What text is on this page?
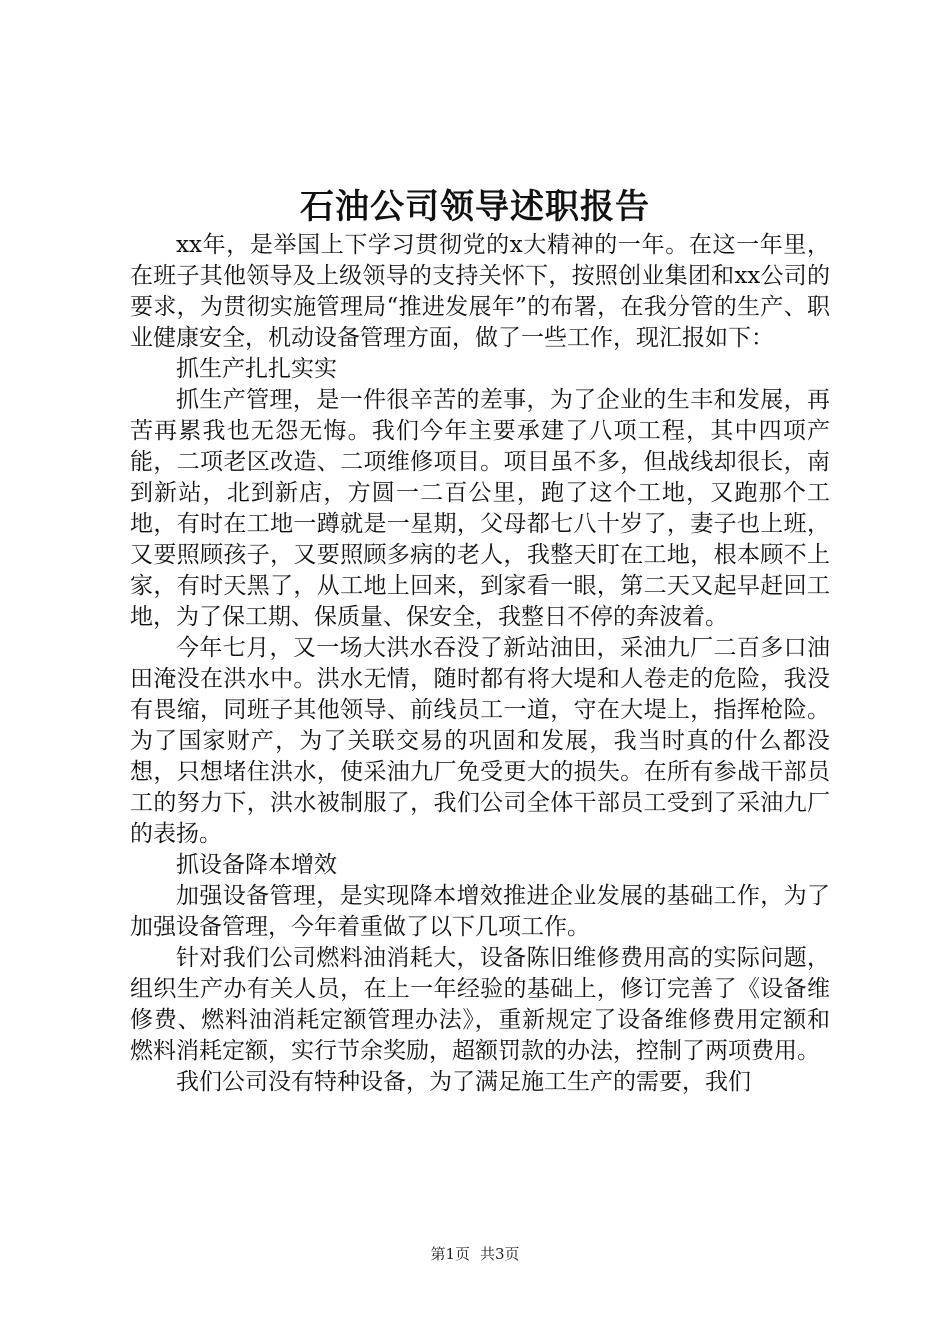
石油公司领导述职报告

xx年，是举国上下学习贯彻党的x大精神的一年。在这一年里，在班子其他领导及上级领导的支持关怀下，按照创业集团和xx公司的要求，为贯彻实施管理局“推进发展年”的布署，在我分管的生产、职业健康安全，机动设备管理方面，做了一些工作，现汇报如下：

抓生产扎扎实实

抓生产管理，是一件很辛苦的差事，为了企业的生丰和发展，再苦再累我也无怨无悔。我们今年主要承建了八项工程，其中四项产能，二项老区改造、二项维修项目。项目虽不多，但战线却很长，南到新站，北到新店，方圆一二百公里，跑了这个工地，又跑那个工地，有时在工地一蹲就是一星期，父母都七八十岁了，妻子也上班，又要照顾孩子，又要照顾多病的老人，我整天盯在工地，根本顾不上家，有时天黑了，从工地上回来，到家看一眼，第二天又起早赶回工地，为了保工期、保质量、保安全，我整日不停的奔波着。

今年七月，又一场大洪水吞没了新站油田，采油九厂二百多口油田淹没在洪水中。洪水无情，随时都有将大堤和人卷走的危险，我没有畏缩，同班子其他领导、前线员工一道，守在大堤上，指挥枪险。为了国家财产，为了关联交易的巩固和发展，我当时真的什么都没想，只想堵住洪水，使采油九厂免受更大的损失。在所有参战干部员工的努力下，洪水被制服了，我们公司全体干部员工受到了采油九厂的表扬。

抓设备降本增效

加强设备管理，是实现降本增效推进企业发展的基础工作，为了加强设备管理，今年着重做了以下几项工作。

针对我们公司燃料油消耗大，设备陈旧维修费用高的实际问题，组织生产办有关人员，在上一年经验的基础上，修订完善了《设备维修费、燃料油消耗定额管理办法》，重新规定了设备维修费用定额和燃料消耗定额，实行节余奖励，超额罚款的办法，控制了两项费用。

我们公司没有特种设备，为了满足施工生产的需要，我们

第1页 共3页
